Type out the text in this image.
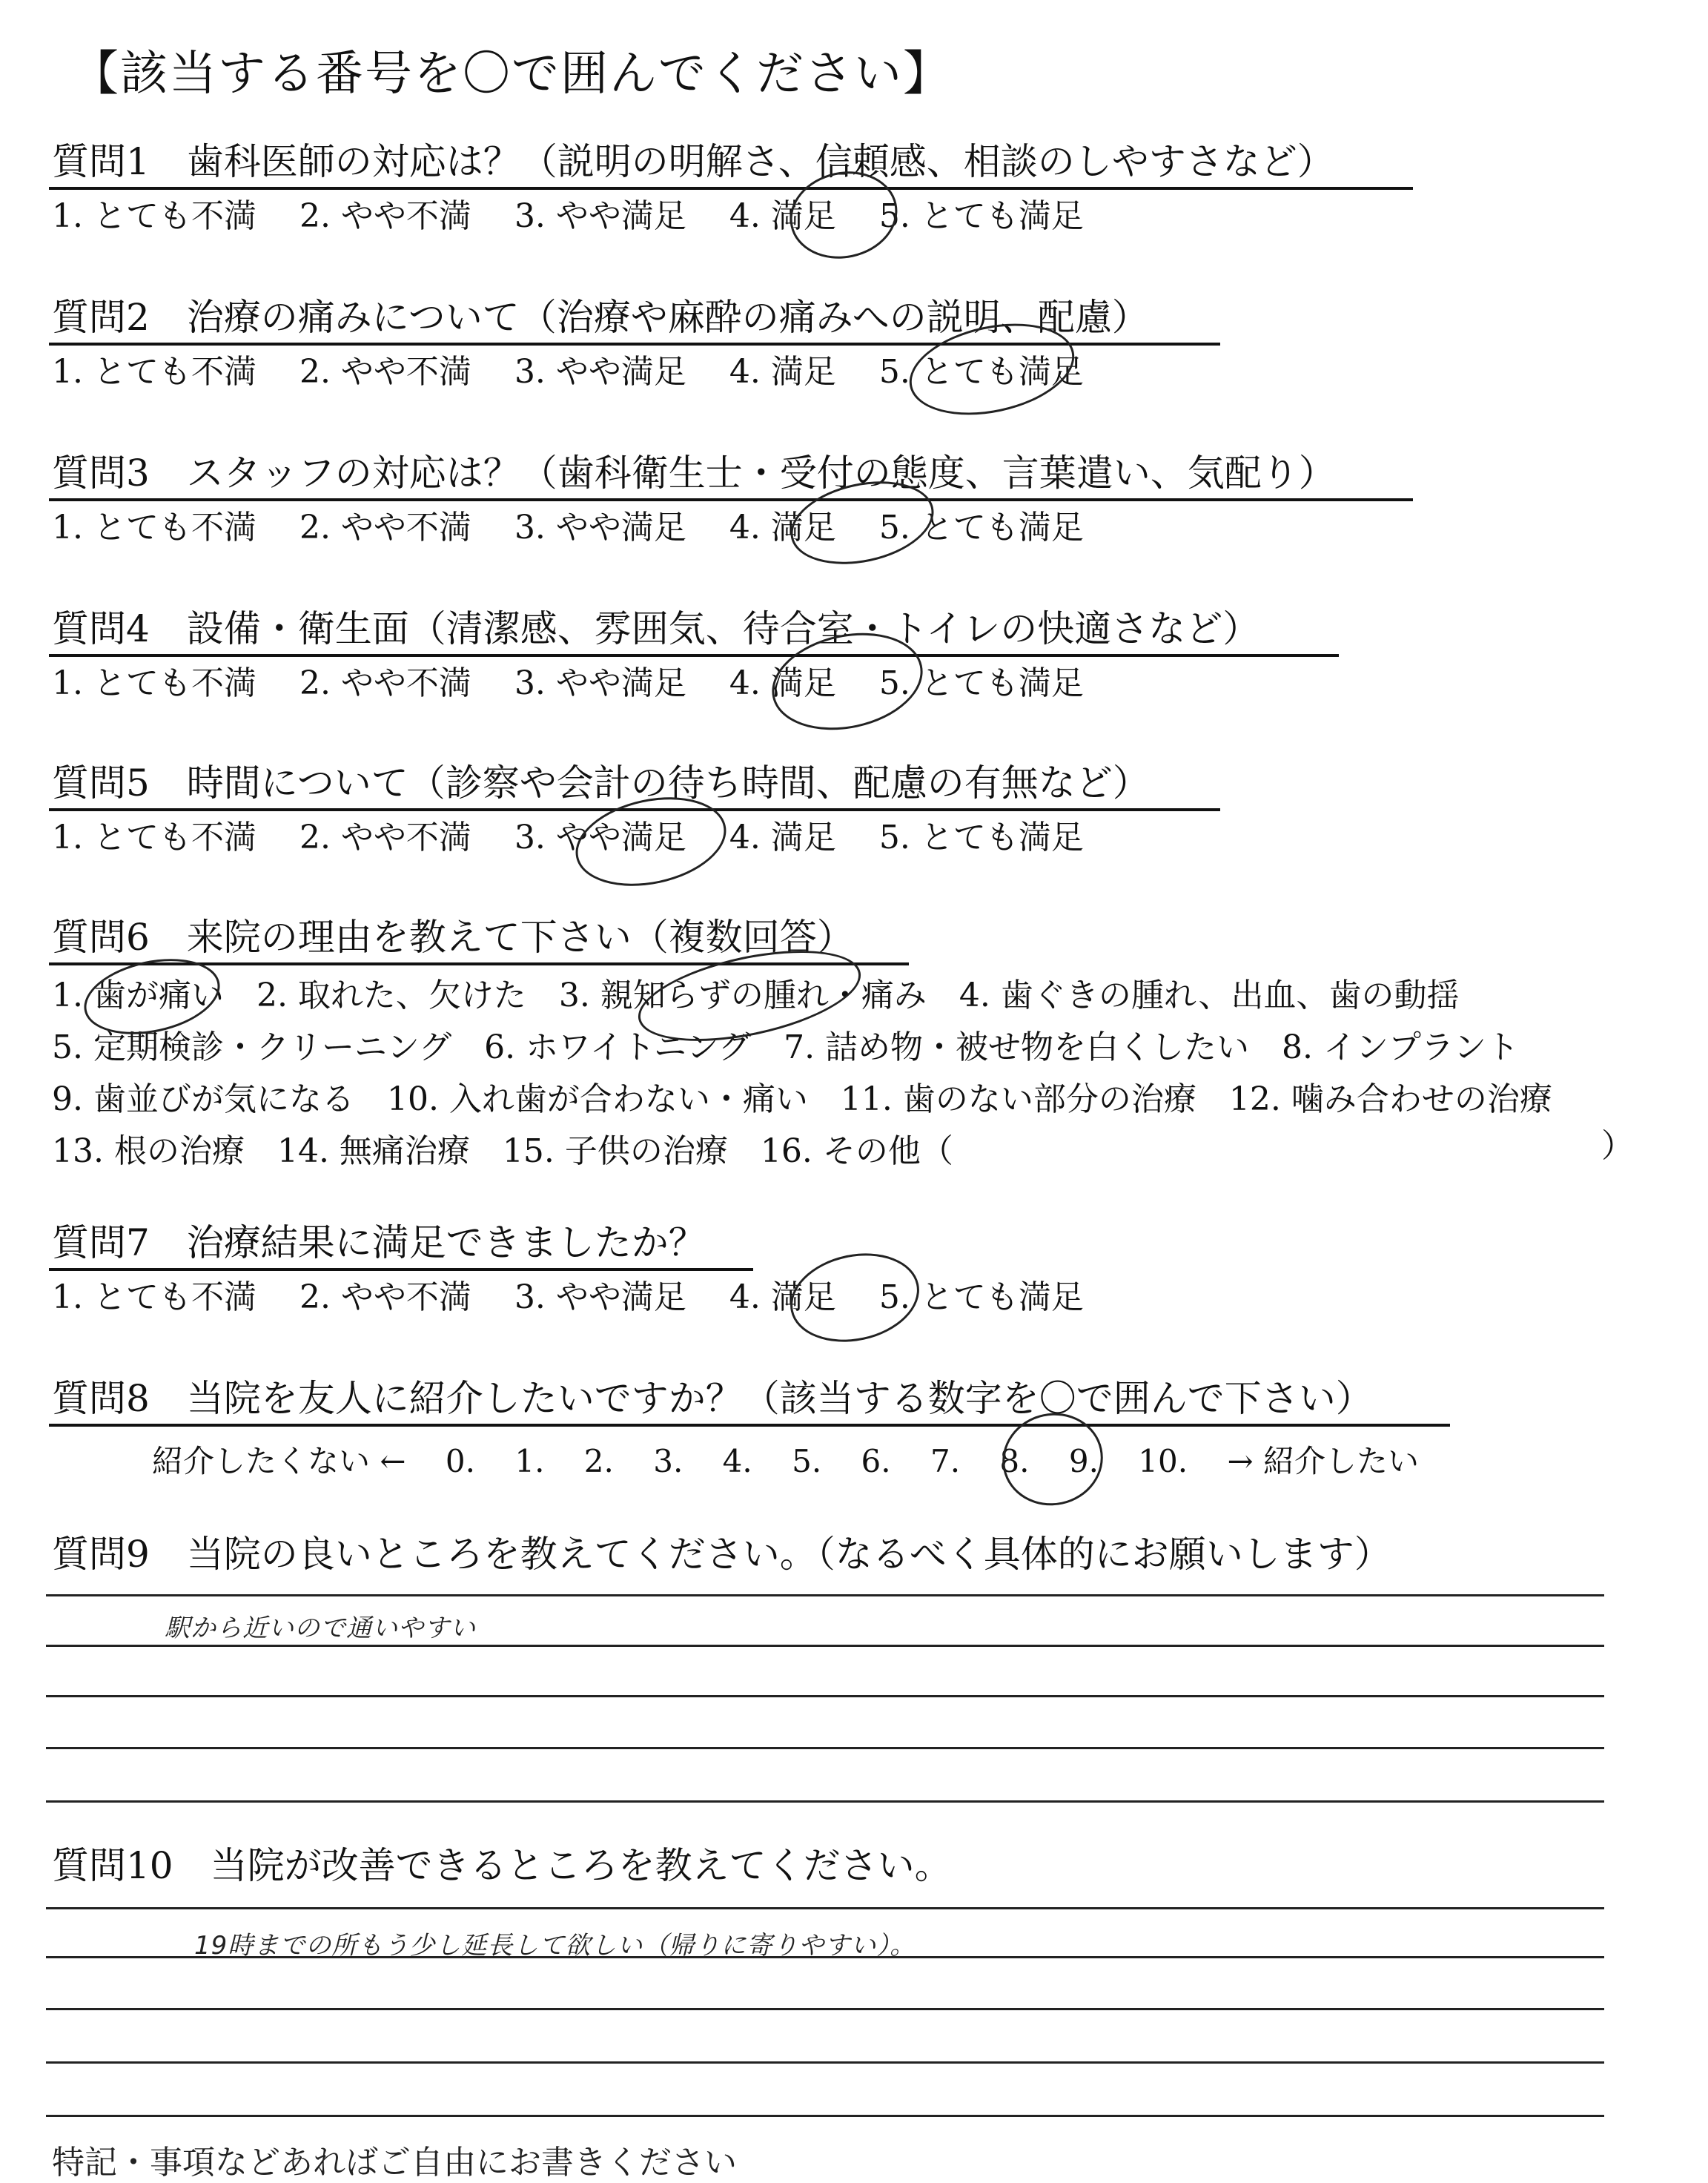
【該当する番号を〇で囲んでください】
質問1　歯科医師の対応は？（説明の明解さ、信頼感、相談のしやすさなど）
1. とても不満 2. やや不満 3. やや満足 4. 満足 5. とても満足
質問2　治療の痛みについて（治療や麻酔の痛みへの説明、配慮）
1. とても不満 2. やや不満 3. やや満足 4. 満足 5. とても満足
質問3　スタッフの対応は？（歯科衛生士・受付の態度、言葉遣い、気配り）
1. とても不満 2. やや不満 3. やや満足 4. 満足 5. とても満足
質問4　設備・衛生面（清潔感、雰囲気、待合室・トイレの快適さなど）
1. とても不満 2. やや不満 3. やや満足 4. 満足 5. とても満足
質問5　時間について（診察や会計の待ち時間、配慮の有無など）
1. とても不満 2. やや不満 3. やや満足 4. 満足 5. とても満足
質問6　来院の理由を教えて下さい（複数回答）
1. 歯が痛い　2. 取れた、欠けた　3. 親知らずの腫れ・痛み　4. 歯ぐきの腫れ、出血、歯の動揺
5. 定期検診・クリーニング　6. ホワイトニング　7. 詰め物・被せ物を白くしたい　8. インプラント
9. 歯並びが気になる　10. 入れ歯が合わない・痛い　11. 歯のない部分の治療　12. 噛み合わせの治療
13. 根の治療　14. 無痛治療　15. 子供の治療　16. その他（	）
質問7　治療結果に満足できましたか？
1. とても不満 2. やや不満 3. やや満足 4. 満足 5. とても満足
質問8　当院を友人に紹介したいですか？（該当する数字を〇で囲んで下さい）
紹介したくない ← 0. 1. 2. 3. 4. 5. 6. 7. 8. 9. 10. → 紹介したい
質問9　当院の良いところを教えてください。（なるべく具体的にお願いします）
駅から近いので通いやすい
質問10　当院が改善できるところを教えてください。
19時までの所もう少し延長して欲しい（帰りに寄りやすい）。
特記・事項などあればご自由にお書きください
